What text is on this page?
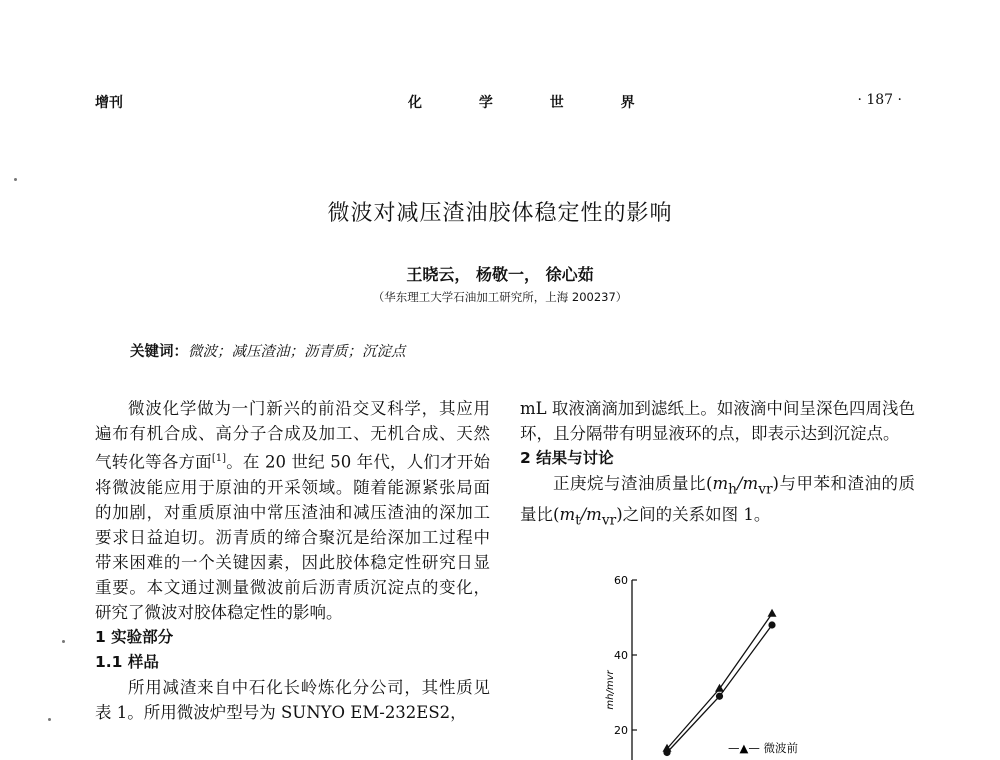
增刊	化 学 世 界	· 187 ·
微波对减压渣油胶体稳定性的影响
王晓云， 杨敬一， 徐心茹
（华东理工大学石油加工研究所，上海 200237）
关键词：微波；减压渣油；沥青质；沉淀点

微波化学做为一门新兴的前沿交叉科学，其应用遍布有机合成、高分子合成及加工、无机合成、天然气转化等各方面[1]。在 20 世纪 50 年代，人们才开始将微波能应用于原油的开采领域。随着能源紧张局面的加剧，对重质原油中常压渣油和减压渣油的深加工要求日益迫切。沥青质的缔合聚沉是给深加工过程中带来困难的一个关键因素，因此胶体稳定性研究日显重要。本文通过测量微波前后沥青质沉淀点的变化，研究了微波对胶体稳定性的影响。

1 实验部分

1.1 样品

所用减渣来自中石化长岭炼化分公司，其性质见表 1。所用微波炉型号为 SUNYO EM-232ES2，

mL 取液滴滴加到滤纸上。如液滴中间呈深色四周浅色环，且分隔带有明显液环的点，即表示达到沉淀点。

2 结果与讨论

正庚烷与渣油质量比$(m_h/m_{vr})$与甲苯和渣油的质量比$(m_t/m_{vr})$之间的关系如图 1。

60
40
20
mh/mvr
—▲— 微波前
